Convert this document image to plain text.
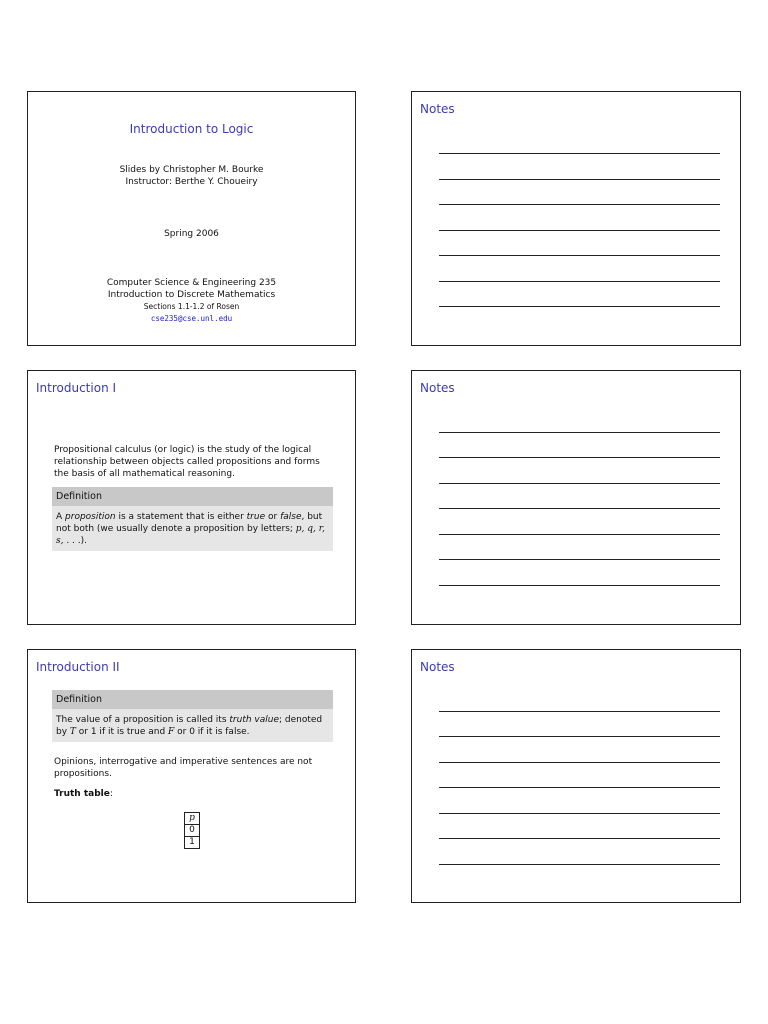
Introduction to Logic
Slides by Christopher M. Bourke
Instructor: Berthe Y. Choueiry
Spring 2006
Computer Science & Engineering 235
Introduction to Discrete Mathematics
Sections 1.1-1.2 of Rosen
cse235@cse.unl.edu
Notes
Introduction I
Propositional calculus (or logic) is the study of the logical relationship between objects called propositions and forms the basis of all mathematical reasoning.
Definition
A proposition is a statement that is either true or false, but not both (we usually denote a proposition by letters; p, q, r, s, . . .).
Notes
Introduction II
Definition
The value of a proposition is called its truth value; denoted by T or 1 if it is true and F or 0 if it is false.
Opinions, interrogative and imperative sentences are not propositions.
Truth table:
p
0
1
Notes
